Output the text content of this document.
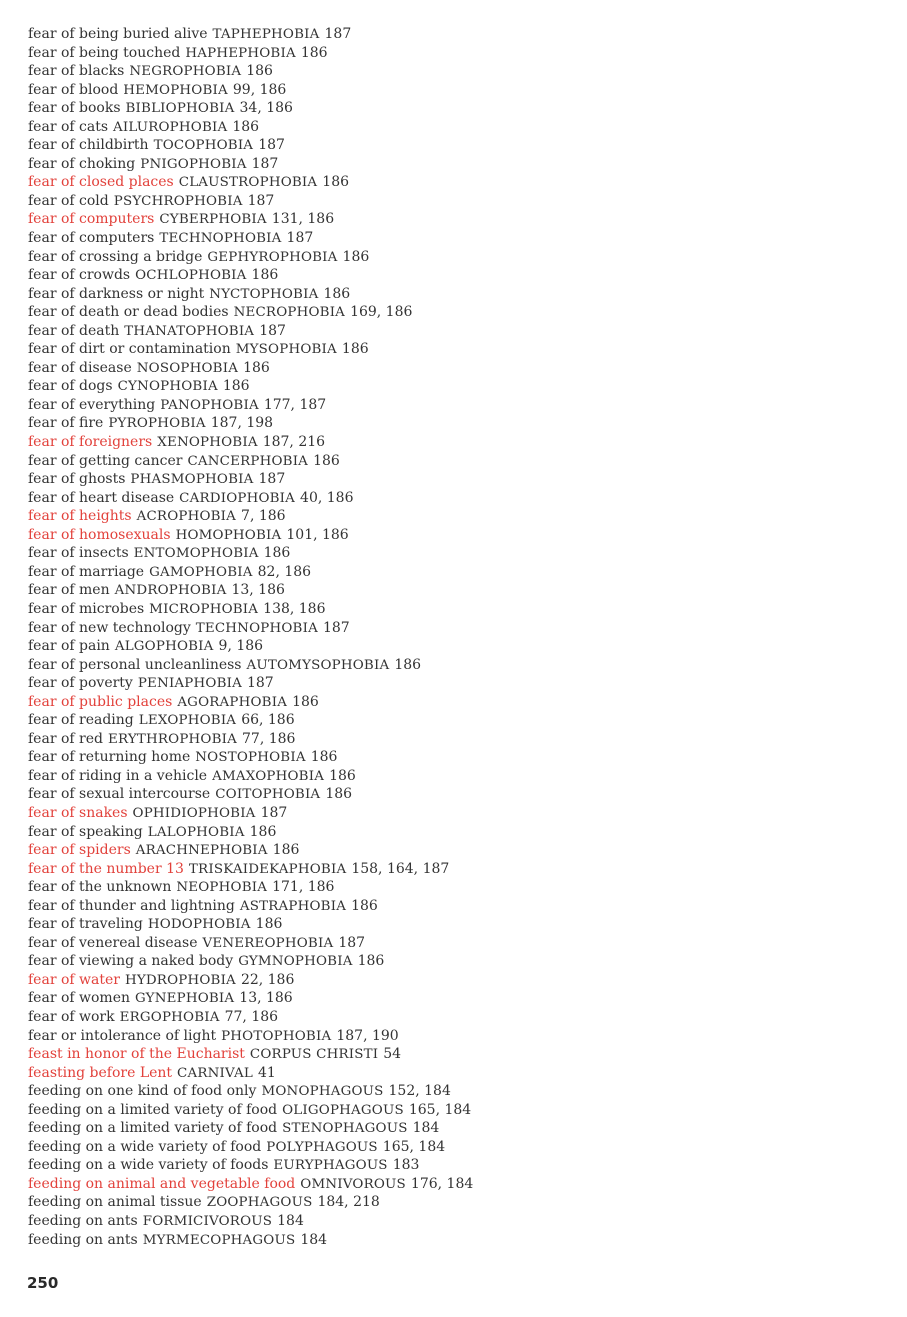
fear of being buried alive TAPHEPHOBIA 187
fear of being touched HAPHEPHOBIA 186
fear of blacks NEGROPHOBIA 186
fear of blood HEMOPHOBIA 99, 186
fear of books BIBLIOPHOBIA 34, 186
fear of cats AILUROPHOBIA 186
fear of childbirth TOCOPHOBIA 187
fear of choking PNIGOPHOBIA 187
fear of closed places CLAUSTROPHOBIA 186
fear of cold PSYCHROPHOBIA 187
fear of computers CYBERPHOBIA 131, 186
fear of computers TECHNOPHOBIA 187
fear of crossing a bridge GEPHYROPHOBIA 186
fear of crowds OCHLOPHOBIA 186
fear of darkness or night NYCTOPHOBIA 186
fear of death or dead bodies NECROPHOBIA 169, 186
fear of death THANATOPHOBIA 187
fear of dirt or contamination MYSOPHOBIA 186
fear of disease NOSOPHOBIA 186
fear of dogs CYNOPHOBIA 186
fear of everything PANOPHOBIA 177, 187
fear of fire PYROPHOBIA 187, 198
fear of foreigners XENOPHOBIA 187, 216
fear of getting cancer CANCERPHOBIA 186
fear of ghosts PHASMOPHOBIA 187
fear of heart disease CARDIOPHOBIA 40, 186
fear of heights ACROPHOBIA 7, 186
fear of homosexuals HOMOPHOBIA 101, 186
fear of insects ENTOMOPHOBIA 186
fear of marriage GAMOPHOBIA 82, 186
fear of men ANDROPHOBIA 13, 186
fear of microbes MICROPHOBIA 138, 186
fear of new technology TECHNOPHOBIA 187
fear of pain ALGOPHOBIA 9, 186
fear of personal uncleanliness AUTOMYSOPHOBIA 186
fear of poverty PENIAPHOBIA 187
fear of public places AGORAPHOBIA 186
fear of reading LEXOPHOBIA 66, 186
fear of red ERYTHROPHOBIA 77, 186
fear of returning home NOSTOPHOBIA 186
fear of riding in a vehicle AMAXOPHOBIA 186
fear of sexual intercourse COITOPHOBIA 186
fear of snakes OPHIDIOPHOBIA 187
fear of speaking LALOPHOBIA 186
fear of spiders ARACHNEPHOBIA 186
fear of the number 13 TRISKAIDEKAPHOBIA 158, 164, 187
fear of the unknown NEOPHOBIA 171, 186
fear of thunder and lightning ASTRAPHOBIA 186
fear of traveling HODOPHOBIA 186
fear of venereal disease VENEREOPHOBIA 187
fear of viewing a naked body GYMNOPHOBIA 186
fear of water HYDROPHOBIA 22, 186
fear of women GYNEPHOBIA 13, 186
fear of work ERGOPHOBIA 77, 186
fear or intolerance of light PHOTOPHOBIA 187, 190
feast in honor of the Eucharist CORPUS CHRISTI 54
feasting before Lent CARNIVAL 41
feeding on one kind of food only MONOPHAGOUS 152, 184
feeding on a limited variety of food OLIGOPHAGOUS 165, 184
feeding on a limited variety of food STENOPHAGOUS 184
feeding on a wide variety of food POLYPHAGOUS 165, 184
feeding on a wide variety of foods EURYPHAGOUS 183
feeding on animal and vegetable food OMNIVOROUS 176, 184
feeding on animal tissue ZOOPHAGOUS 184, 218
feeding on ants FORMICIVOROUS 184
feeding on ants MYRMECOPHAGOUS 184
250
